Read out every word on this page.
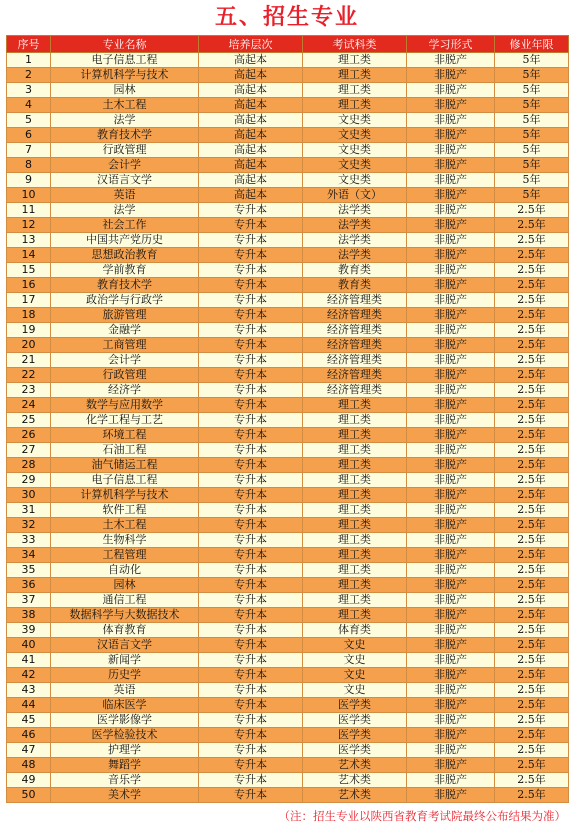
五、招生专业
序号	专业名称	培养层次	考试科类	学习形式	修业年限
1	电子信息工程	高起本	理工类	非脱产	5年
2	计算机科学与技术	高起本	理工类	非脱产	5年
3	园林	高起本	理工类	非脱产	5年
4	土木工程	高起本	理工类	非脱产	5年
5	法学	高起本	文史类	非脱产	5年
6	教育技术学	高起本	文史类	非脱产	5年
7	行政管理	高起本	文史类	非脱产	5年
8	会计学	高起本	文史类	非脱产	5年
9	汉语言文学	高起本	文史类	非脱产	5年
10	英语	高起本	外语（文）	非脱产	5年
11	法学	专升本	法学类	非脱产	2.5年
12	社会工作	专升本	法学类	非脱产	2.5年
13	中国共产党历史	专升本	法学类	非脱产	2.5年
14	思想政治教育	专升本	法学类	非脱产	2.5年
15	学前教育	专升本	教育类	非脱产	2.5年
16	教育技术学	专升本	教育类	非脱产	2.5年
17	政治学与行政学	专升本	经济管理类	非脱产	2.5年
18	旅游管理	专升本	经济管理类	非脱产	2.5年
19	金融学	专升本	经济管理类	非脱产	2.5年
20	工商管理	专升本	经济管理类	非脱产	2.5年
21	会计学	专升本	经济管理类	非脱产	2.5年
22	行政管理	专升本	经济管理类	非脱产	2.5年
23	经济学	专升本	经济管理类	非脱产	2.5年
24	数学与应用数学	专升本	理工类	非脱产	2.5年
25	化学工程与工艺	专升本	理工类	非脱产	2.5年
26	环境工程	专升本	理工类	非脱产	2.5年
27	石油工程	专升本	理工类	非脱产	2.5年
28	油气储运工程	专升本	理工类	非脱产	2.5年
29	电子信息工程	专升本	理工类	非脱产	2.5年
30	计算机科学与技术	专升本	理工类	非脱产	2.5年
31	软件工程	专升本	理工类	非脱产	2.5年
32	土木工程	专升本	理工类	非脱产	2.5年
33	生物科学	专升本	理工类	非脱产	2.5年
34	工程管理	专升本	理工类	非脱产	2.5年
35	自动化	专升本	理工类	非脱产	2.5年
36	园林	专升本	理工类	非脱产	2.5年
37	通信工程	专升本	理工类	非脱产	2.5年
38	数据科学与大数据技术	专升本	理工类	非脱产	2.5年
39	体育教育	专升本	体育类	非脱产	2.5年
40	汉语言文学	专升本	文史	非脱产	2.5年
41	新闻学	专升本	文史	非脱产	2.5年
42	历史学	专升本	文史	非脱产	2.5年
43	英语	专升本	文史	非脱产	2.5年
44	临床医学	专升本	医学类	非脱产	2.5年
45	医学影像学	专升本	医学类	非脱产	2.5年
46	医学检验技术	专升本	医学类	非脱产	2.5年
47	护理学	专升本	医学类	非脱产	2.5年
48	舞蹈学	专升本	艺术类	非脱产	2.5年
49	音乐学	专升本	艺术类	非脱产	2.5年
50	美术学	专升本	艺术类	非脱产	2.5年
（注：招生专业以陕西省教育考试院最终公布结果为准）
